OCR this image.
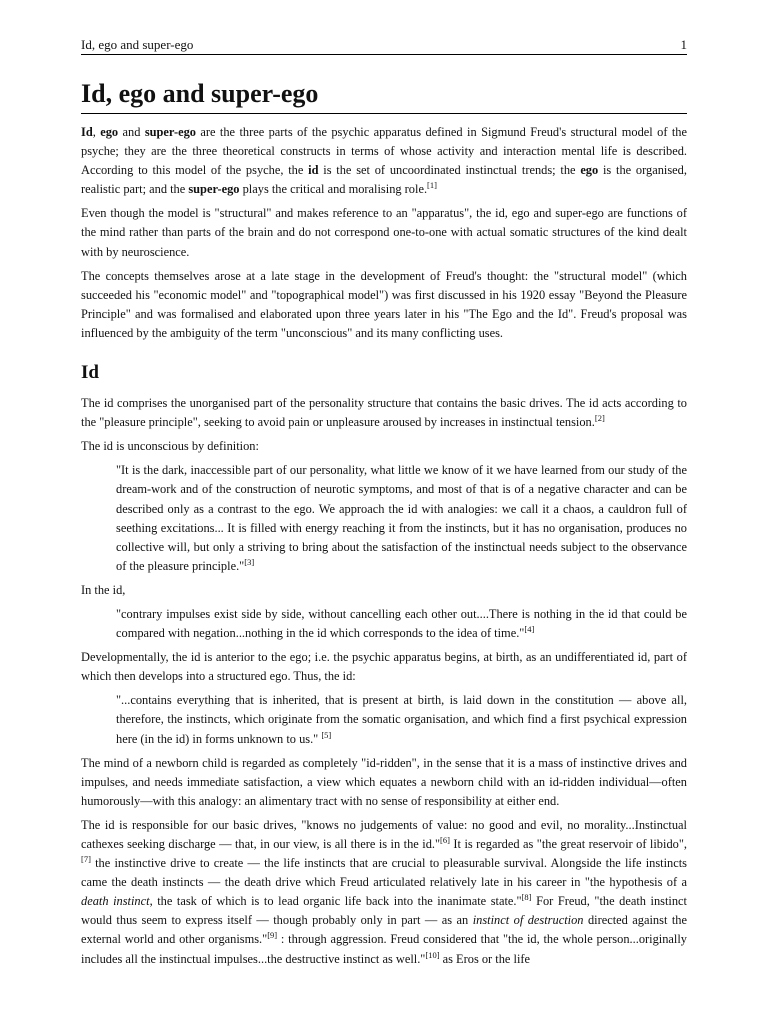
Id, ego and super-ego	1
Id, ego and super-ego

Id, ego and super-ego are the three parts of the psychic apparatus defined in Sigmund Freud's structural model of the psyche; they are the three theoretical constructs in terms of whose activity and interaction mental life is described. According to this model of the psyche, the id is the set of uncoordinated instinctual trends; the ego is the organised, realistic part; and the super-ego plays the critical and moralising role.[1]

Even though the model is "structural" and makes reference to an "apparatus", the id, ego and super-ego are functions of the mind rather than parts of the brain and do not correspond one-to-one with actual somatic structures of the kind dealt with by neuroscience.

The concepts themselves arose at a late stage in the development of Freud's thought: the "structural model" (which succeeded his "economic model" and "topographical model") was first discussed in his 1920 essay "Beyond the Pleasure Principle" and was formalised and elaborated upon three years later in his "The Ego and the Id". Freud's proposal was influenced by the ambiguity of the term "unconscious" and its many conflicting uses.

Id

The id comprises the unorganised part of the personality structure that contains the basic drives. The id acts according to the "pleasure principle", seeking to avoid pain or unpleasure aroused by increases in instinctual tension.[2]

The id is unconscious by definition:

"It is the dark, inaccessible part of our personality, what little we know of it we have learned from our study of the dream-work and of the construction of neurotic symptoms, and most of that is of a negative character and can be described only as a contrast to the ego. We approach the id with analogies: we call it a chaos, a cauldron full of seething excitations... It is filled with energy reaching it from the instincts, but it has no organisation, produces no collective will, but only a striving to bring about the satisfaction of the instinctual needs subject to the observance of the pleasure principle."[3]

In the id,

"contrary impulses exist side by side, without cancelling each other out....There is nothing in the id that could be compared with negation...nothing in the id which corresponds to the idea of time."[4]

Developmentally, the id is anterior to the ego; i.e. the psychic apparatus begins, at birth, as an undifferentiated id, part of which then develops into a structured ego. Thus, the id:

"...contains everything that is inherited, that is present at birth, is laid down in the constitution — above all, therefore, the instincts, which originate from the somatic organisation, and which find a first psychical expression here (in the id) in forms unknown to us." [5]

The mind of a newborn child is regarded as completely "id-ridden", in the sense that it is a mass of instinctive drives and impulses, and needs immediate satisfaction, a view which equates a newborn child with an id-ridden individual—often humorously—with this analogy: an alimentary tract with no sense of responsibility at either end.

The id is responsible for our basic drives, "knows no judgements of value: no good and evil, no morality...Instinctual cathexes seeking discharge — that, in our view, is all there is in the id."[6] It is regarded as "the great reservoir of libido",[7] the instinctive drive to create — the life instincts that are crucial to pleasurable survival. Alongside the life instincts came the death instincts — the death drive which Freud articulated relatively late in his career in "the hypothesis of a death instinct, the task of which is to lead organic life back into the inanimate state."[8] For Freud, "the death instinct would thus seem to express itself — though probably only in part — as an instinct of destruction directed against the external world and other organisms."[9] : through aggression. Freud considered that "the id, the whole person...originally includes all the instinctual impulses...the destructive instinct as well."[10] as Eros or the life
